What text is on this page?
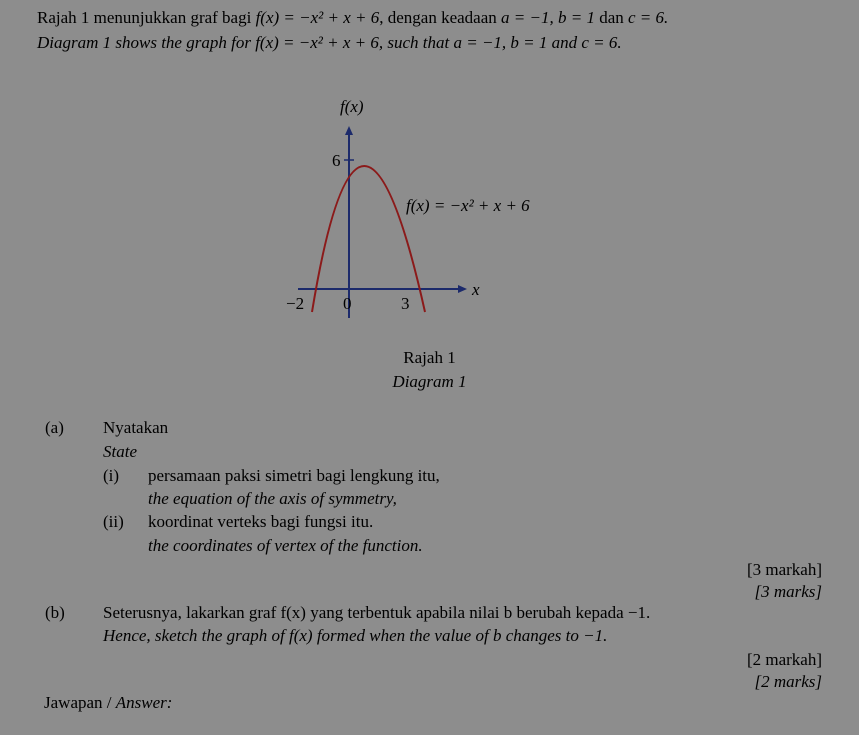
Rajah 1 menunjukkan graf bagi f(x) = −x² + x + 6, dengan keadaan a = −1, b = 1 dan c = 6.
Diagram 1 shows the graph for f(x) = −x² + x + 6, such that a = −1, b = 1 and c = 6.
f(x)
x
6
−2 0	3
f(x) = −x² + x + 6
Rajah 1
Diagram 1
(a) Nyatakan
State
(i) persamaan paksi simetri bagi lengkung itu,
the equation of the axis of symmetry,
(ii) koordinat verteks bagi fungsi itu.
the coordinates of vertex of the function.
[3 markah]
[3 marks]
(b) Seterusnya, lakarkan graf f(x) yang terbentuk apabila nilai b berubah kepada −1.
Hence, sketch the graph of f(x) formed when the value of b changes to −1.
[2 markah]
[2 marks]
Jawapan / Answer:
